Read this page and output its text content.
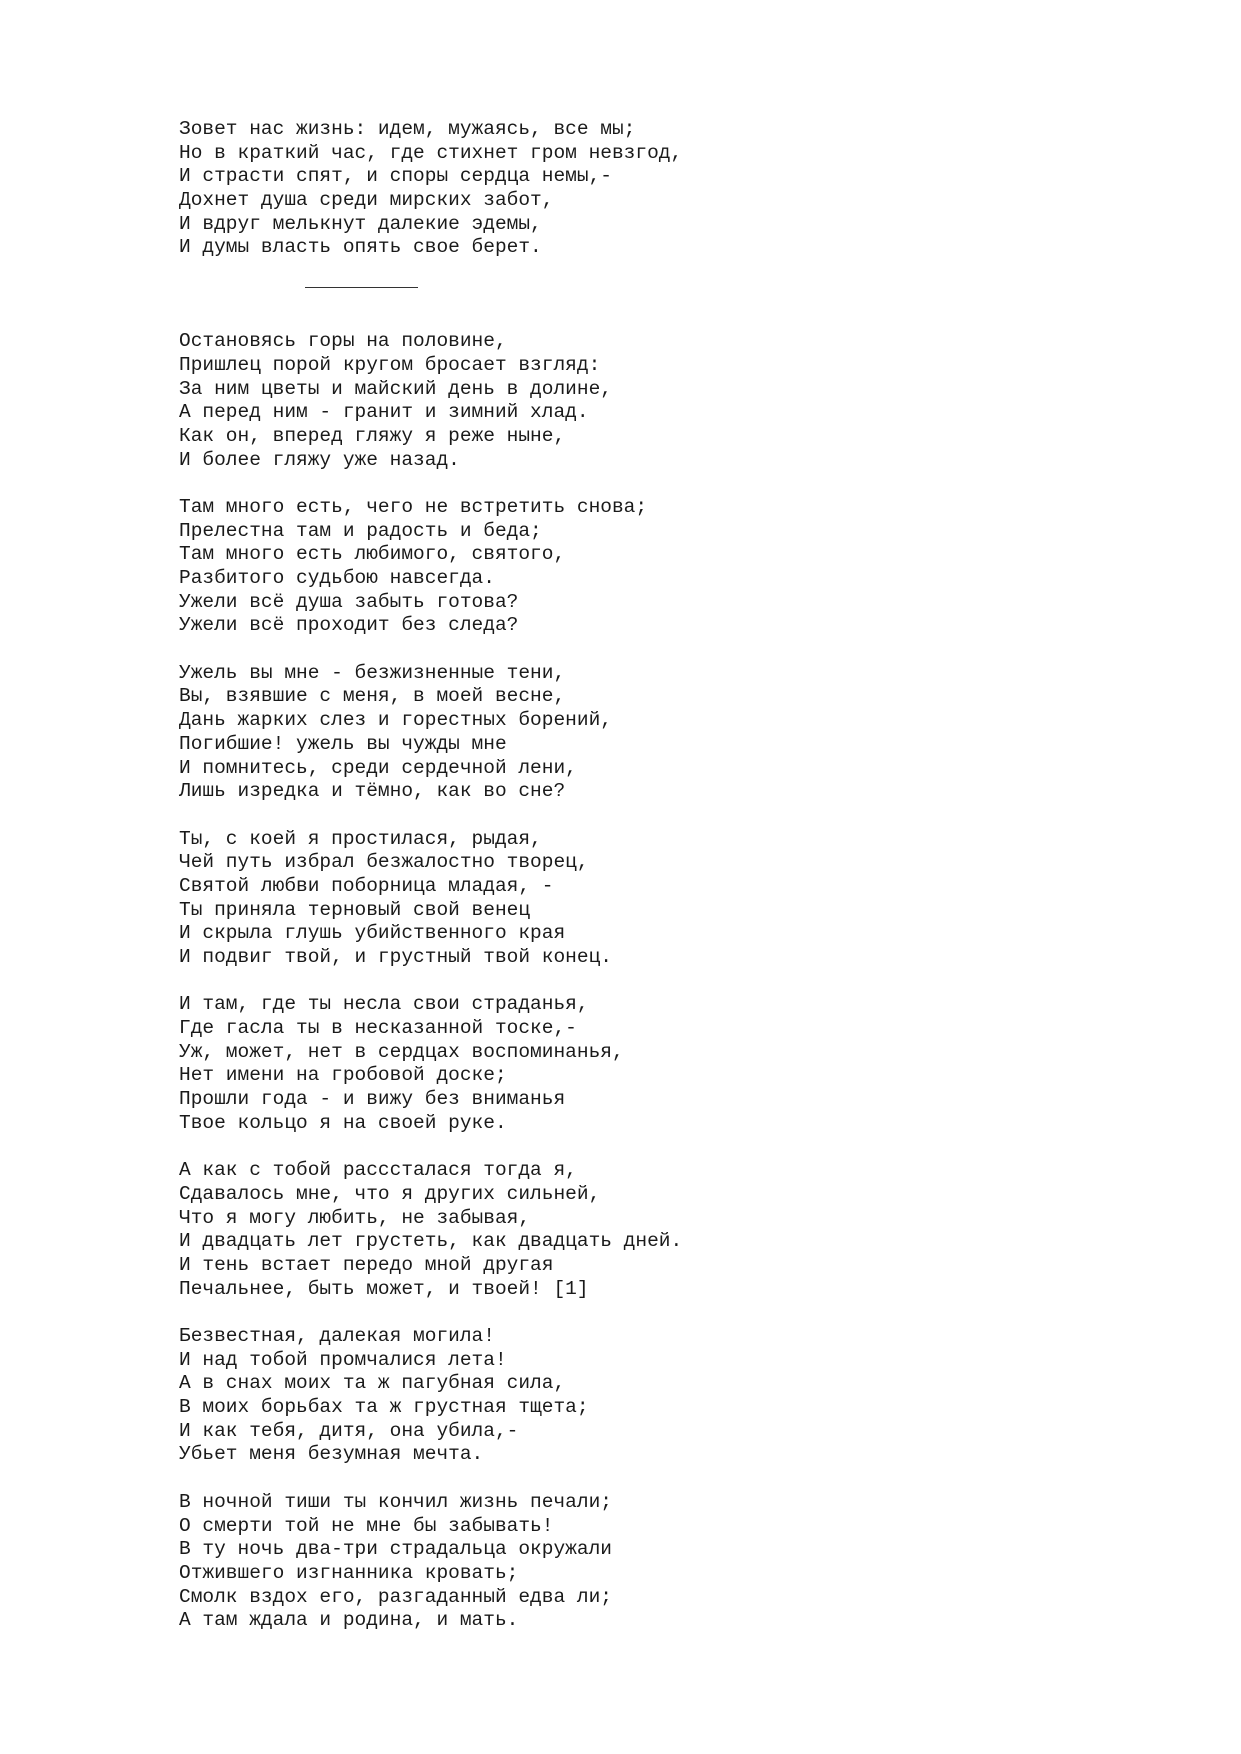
Зовет нас жизнь: идем, мужаясь, все мы;
Но в краткий час, где стихнет гром невзгод,
И страсти спят, и споры сердца немы,-
Дохнет душа среди мирских забот,
И вдруг мелькнут далекие эдемы,
И думы власть опять свое берет.
Остановясь горы на половине,
Пришлец порой кругом бросает взгляд:
За ним цветы и майский день в долине,
А перед ним - гранит и зимний хлад.
Как он, вперед гляжу я реже ныне,
И более гляжу уже назад.
Там много есть, чего не встретить снова;
Прелестна там и радость и беда;
Там много есть любимого, святого,
Разбитого судьбою навсегда.
Ужели всё душа забыть готова?
Ужели всё проходит без следа?
Ужель вы мне - безжизненные тени,
Вы, взявшие с меня, в моей весне,
Дань жарких слез и горестных борений,
Погибшие! ужель вы чужды мне
И помнитесь, среди сердечной лени,
Лишь изредка и тёмно, как во сне?
Ты, с коей я простилася, рыдая,
Чей путь избрал безжалостно творец,
Святой любви поборница младая, -
Ты приняла терновый свой венец
И скрыла глушь убийственного края
И подвиг твой, и грустный твой конец.
И там, где ты несла свои страданья,
Где гасла ты в несказанной тоске,-
Уж, может, нет в сердцах воспоминанья,
Нет имени на гробовой доске;
Прошли года - и вижу без вниманья
Твое кольцо я на своей руке.
А как с тобой расссталася тогда я,
Сдавалось мне, что я других сильней,
Что я могу любить, не забывая,
И двадцать лет грустеть, как двадцать дней.
И тень встает передо мной другая
Печальнее, быть может, и твоей! [1]
Безвестная, далекая могила!
И над тобой промчалися лета!
А в снах моих та ж пагубная сила,
В моих борьбах та ж грустная тщета;
И как тебя, дитя, она убила,-
Убьет меня безумная мечта.
В ночной тиши ты кончил жизнь печали;
О смерти той не мне бы забывать!
В ту ночь два-три страдальца окружали
Отжившего изгнанника кровать;
Смолк вздох его, разгаданный едва ли;
А там ждала и родина, и мать.
